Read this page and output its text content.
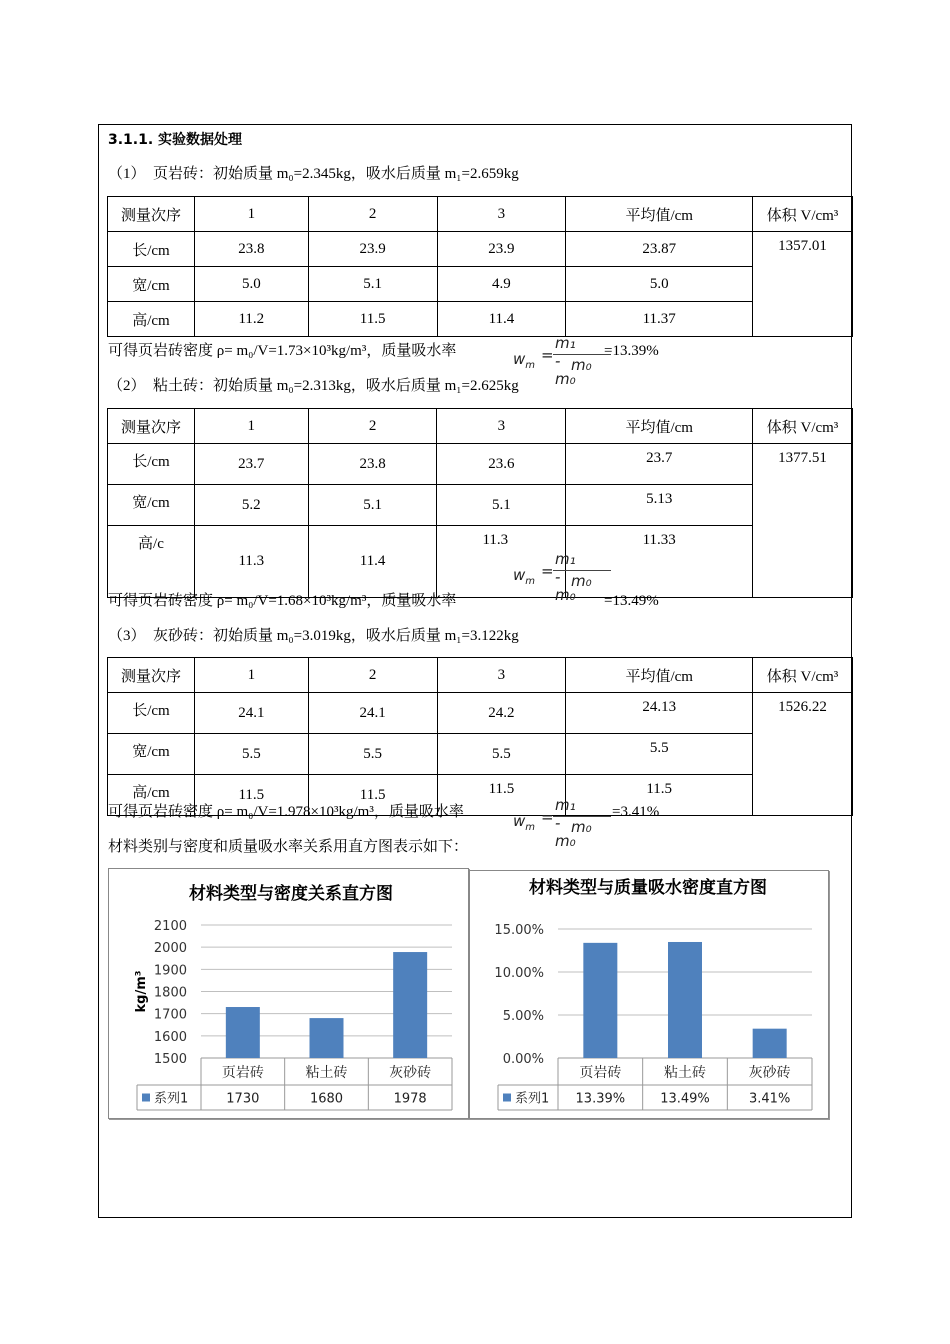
3.1.1. 实验数据处理
（1）　页岩砖：初始质量 m₀=2.345kg，吸水后质量 m₁=2.659kg
测量次序	1	2	3	平均值/cm	体积 V/cm³
长/cm	23.8	23.9	23.9	23.87	1357.01
宽/cm	5.0	5.1	4.9	5.0	
高/cm	11.2	11.5	11.4	11.37	
可得页岩砖密度 ρ= m₀/V=1.73×10³kg/m³，质量吸水率	$w_m$
=
m₁ - m₀
m₀
=13.39%
（2）　粘土砖：初始质量 m₀=2.313kg，吸水后质量 m₁=2.625kg
测量次序	1	2	3	平均值/cm	体积 V/cm³
长/cm	23.7	23.8	23.6	23.7	1377.51
宽/cm	5.2	5.1	5.1	5.13	
高/c	11.3	11.4	11.3	11.33	
$w_m$
=
m₁ - m₀
m₀
可得页岩砖密度 ρ= m₀/V=1.68×10³kg/m³，质量吸水率	=13.49%
（3）　灰砂砖：初始质量 m₀=3.019kg，吸水后质量 m₁=3.122kg
测量次序	1	2	3	平均值/cm	体积 V/cm³
长/cm	24.1	24.1	24.2	24.13	1526.22
宽/cm	5.5	5.5	5.5	5.5	
高/cm	11.5	11.5	11.5	11.5	
可得页岩砖密度 ρ= m₀/V=1.978×10³kg/m³，质量吸水率	$w_m$
=
m₁ - m₀
m₀
=3.41%
材料类别与密度和质量吸水率关系用直方图表示如下：
材料类型与密度关系直方图
1500
1600
1700
1800
1900
2000
2100
kg/m³
系列1
页岩砖
1730
粘土砖
1680
灰砂砖
1978
材料类型与质量吸水密度直方图
0.00%
5.00%
10.00%
15.00%
系列1
页岩砖
13.39%
粘土砖
13.49%
灰砂砖
3.41%
